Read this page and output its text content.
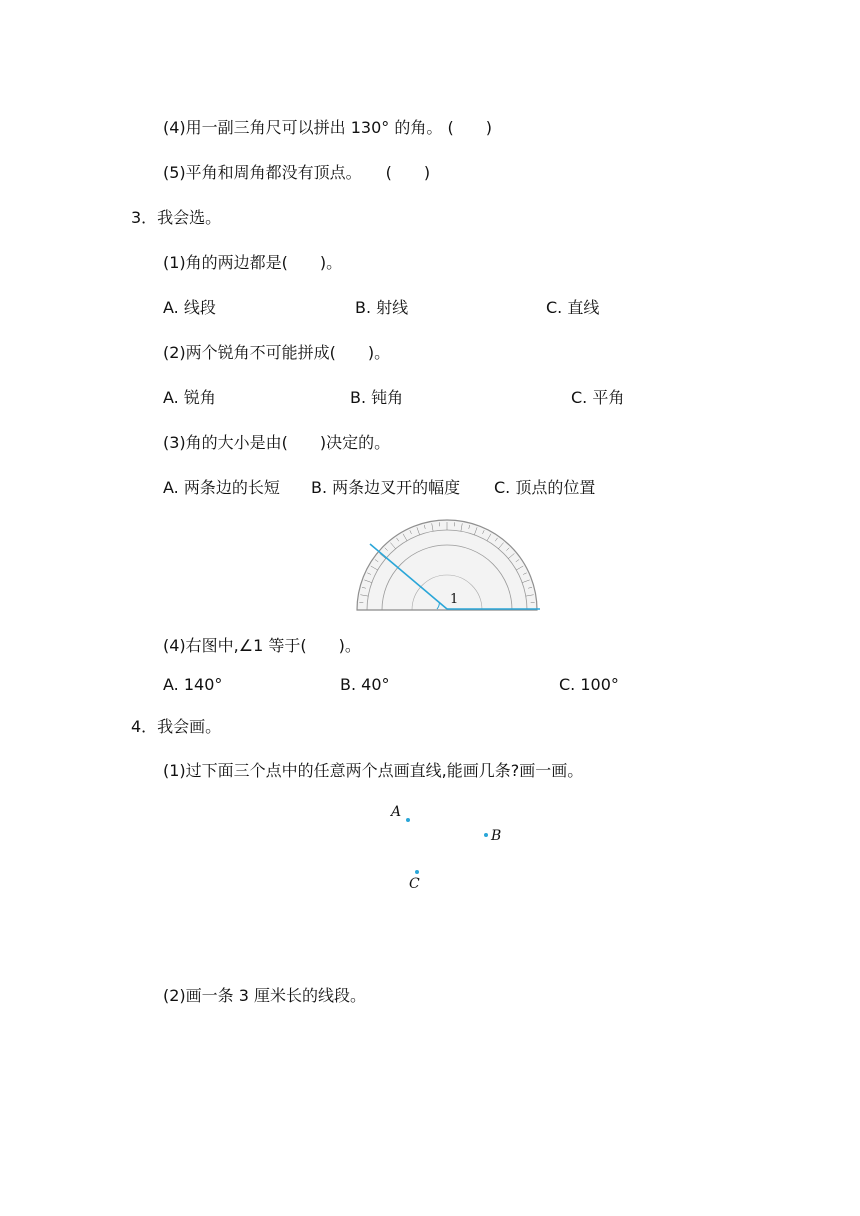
(4)用一副三角尺可以拼出 130° 的角。 (　　)
(5)平角和周角都没有顶点。　　(　　)
3．我会选。
(1)角的两边都是(　　)。
A. 线段	B. 射线	C. 直线
(2)两个锐角不可能拼成(　　)。
A. 锐角	B. 钝角	C. 平角
(3)角的大小是由(　　)决定的。
A. 两条边的长短 B. 两条边叉开的幅度 C. 顶点的位置
1
(4)右图中,∠1 等于(　　)。
A. 140°	B. 40°	C. 100°
4．我会画。
(1)过下面三个点中的任意两个点画直线,能画几条?画一画。
A
B
C
(2)画一条 3 厘米长的线段。
